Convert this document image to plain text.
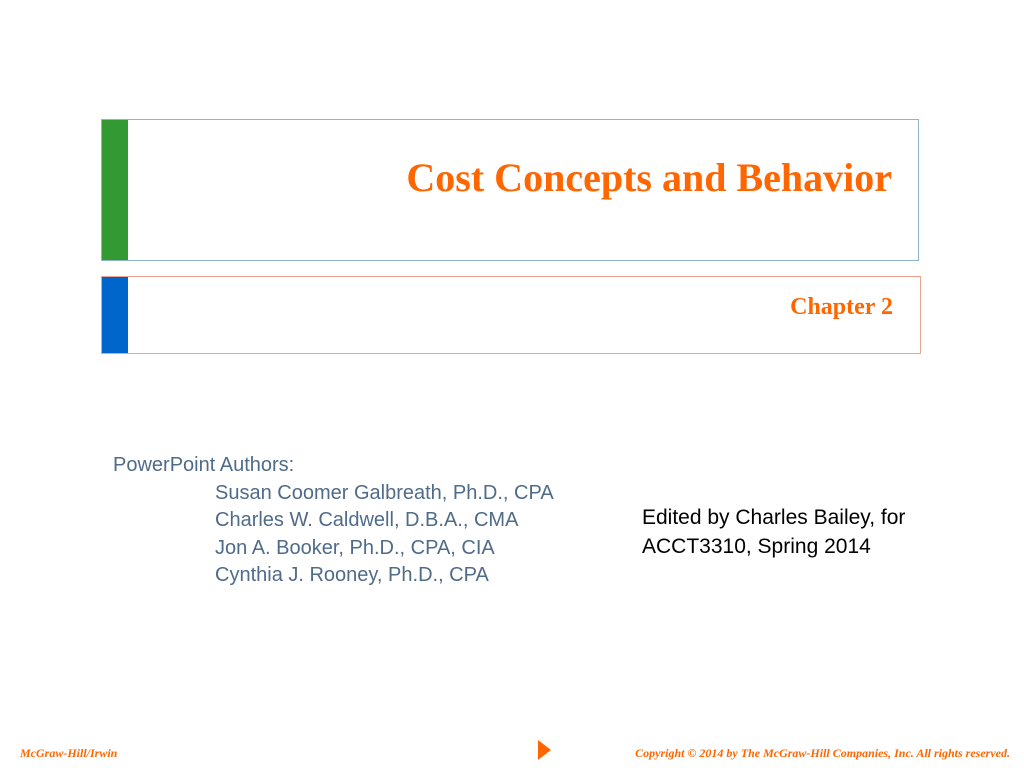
Cost Concepts and Behavior
Chapter 2
PowerPoint Authors:
Susan Coomer Galbreath, Ph.D., CPA
Charles W. Caldwell, D.B.A., CMA
Jon A. Booker, Ph.D., CPA, CIA
Cynthia J. Rooney, Ph.D., CPA
Edited by Charles Bailey, for
ACCT3310, Spring 2014
McGraw-Hill/Irwin	Copyright © 2014 by The McGraw-Hill Companies, Inc. All rights reserved.
